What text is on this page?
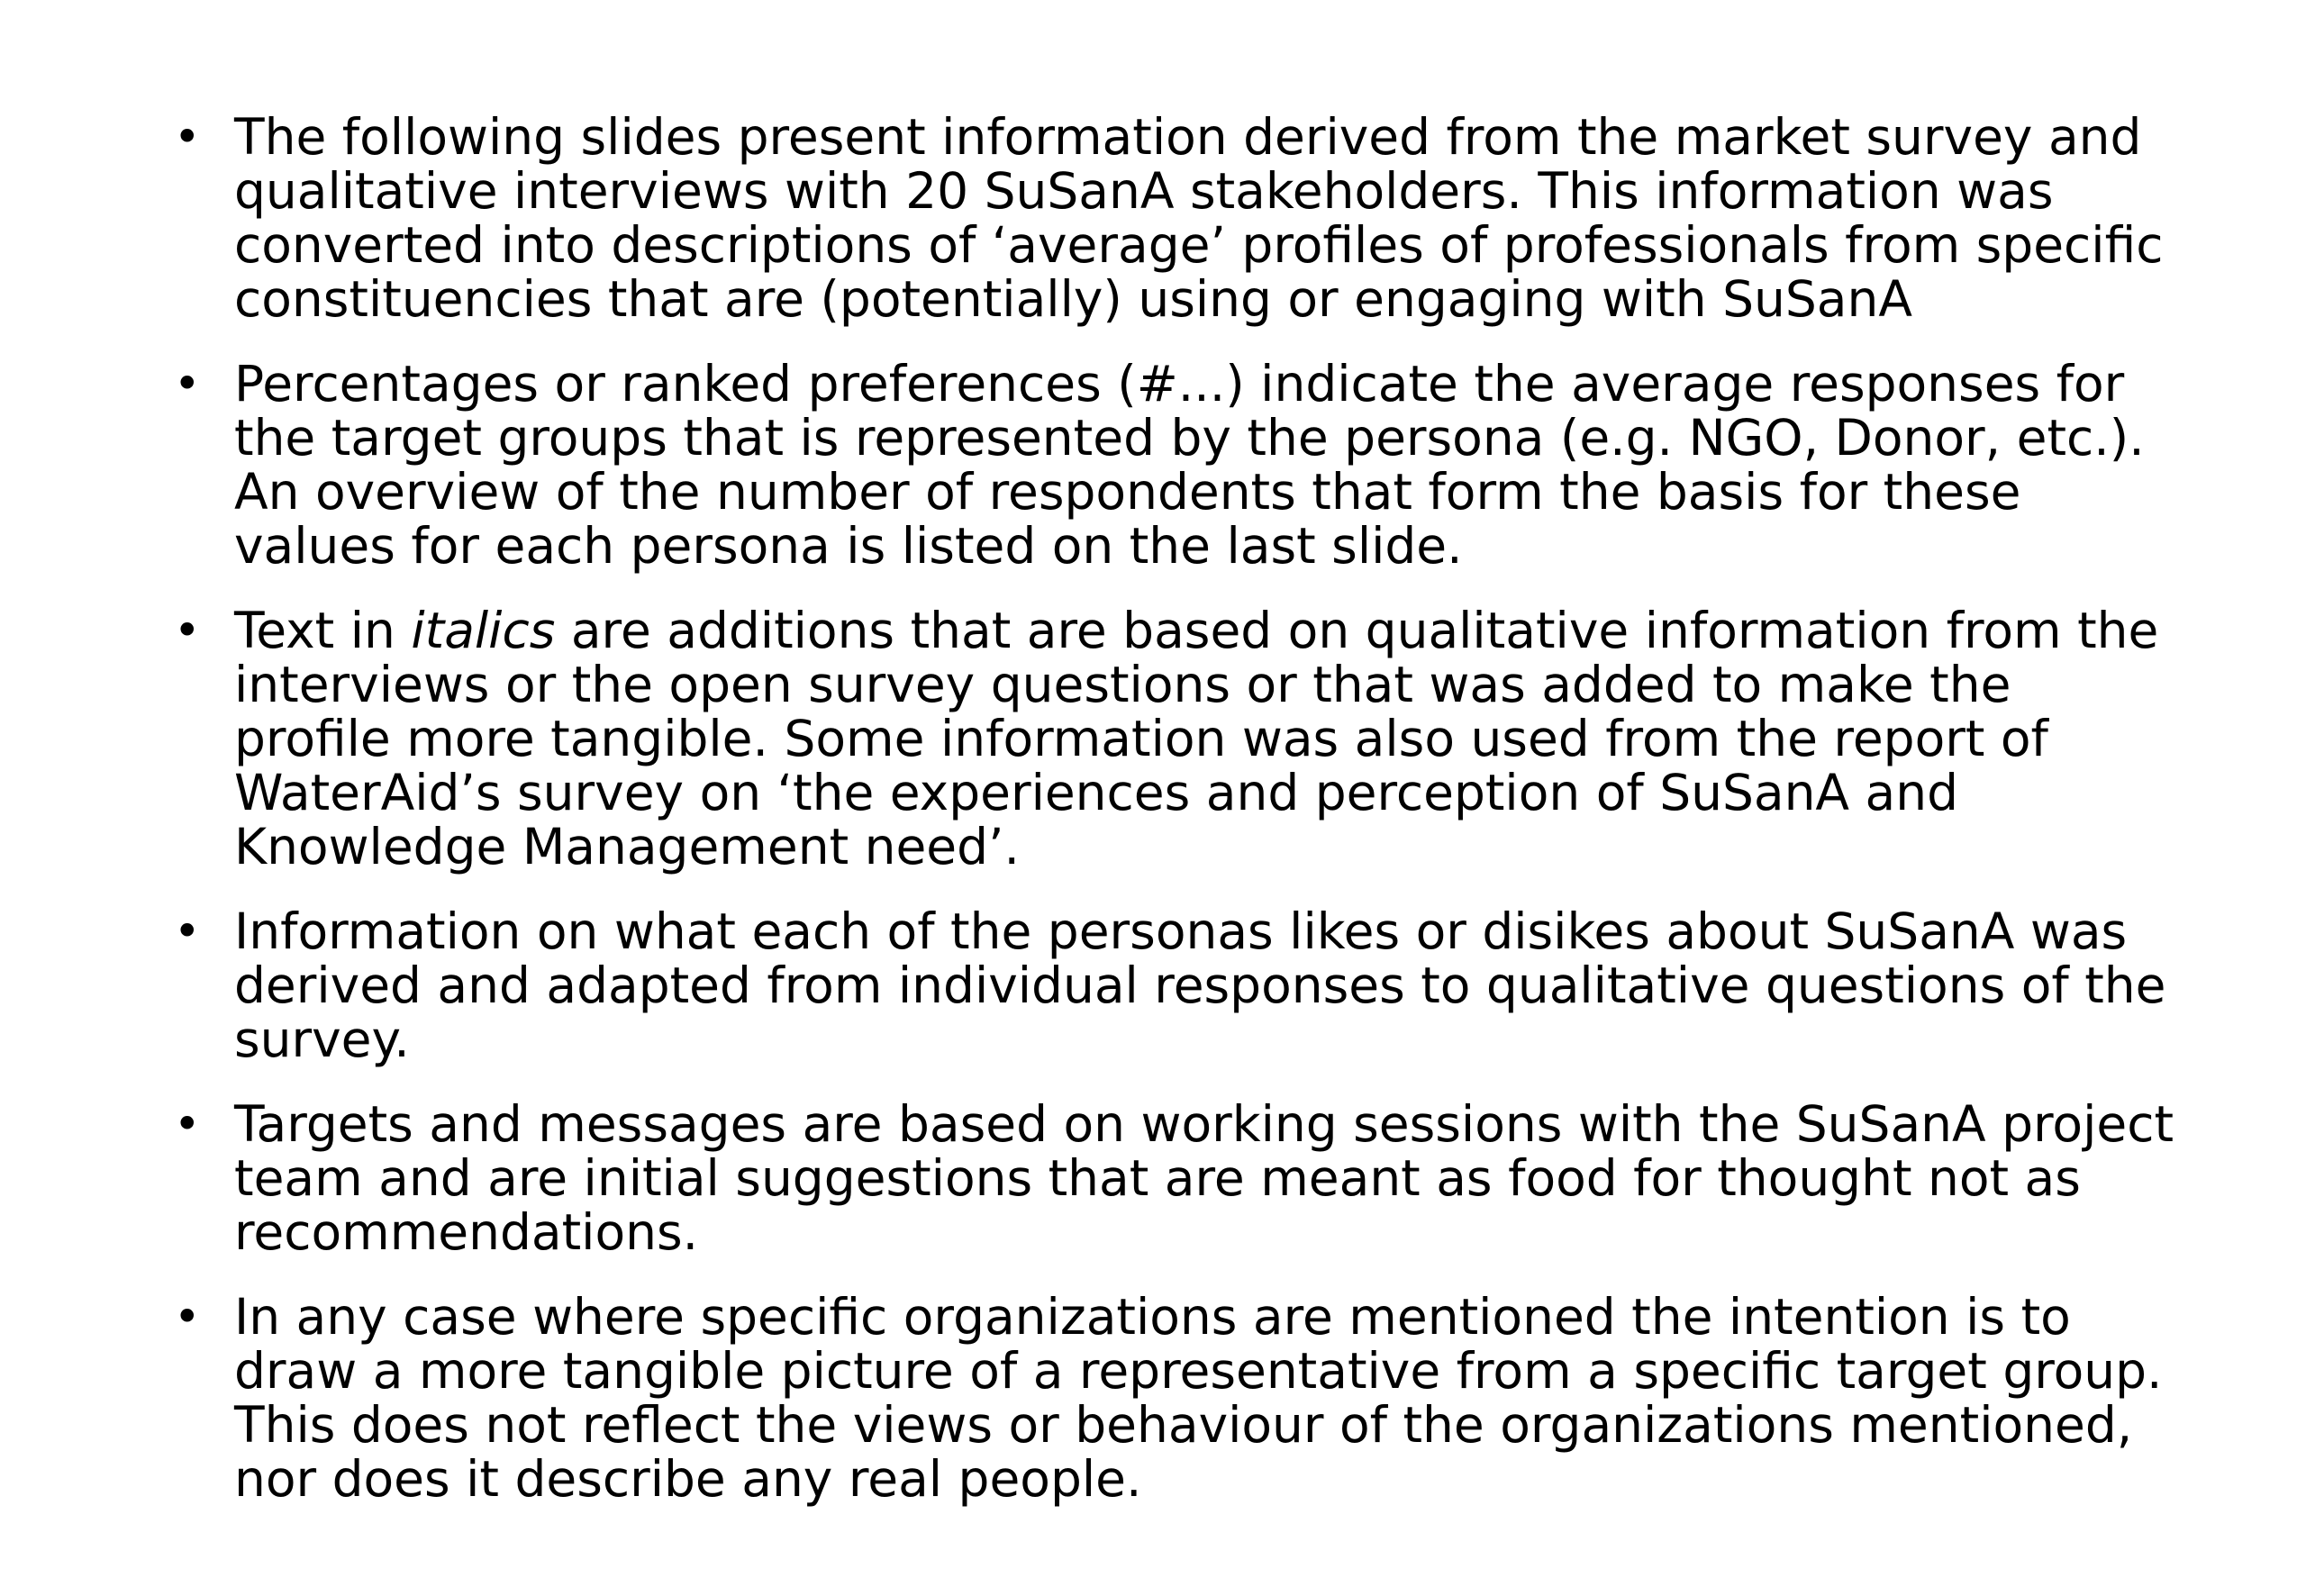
• The following slides present information derived from the market survey and qualitative interviews with 20 SuSanA stakeholders. This information was converted into descriptions of ‘average’ profiles of professionals from specific constituencies that are (potentially) using or engaging with SuSanA
• Percentages or ranked preferences (#...) indicate the average responses for the target groups that is represented by the persona (e.g. NGO, Donor, etc.). An overview of the number of respondents that form the basis for these values for each persona is listed on the last slide.
• Text in italics are additions that are based on qualitative information from the interviews or the open survey questions or that was added to make the profile more tangible. Some information was also used from the report of WaterAid’s survey on ‘the experiences and perception of SuSanA and Knowledge Management need’.
• Information on what each of the personas likes or disikes about SuSanA was derived and adapted from individual responses to qualitative questions of the survey.
• Targets and messages are based on working sessions with the SuSanA project team and are initial suggestions that are meant as food for thought not as recommendations.
• In any case where specific organizations are mentioned the intention is to draw a more tangible picture of a representative from a specific target group. This does not reflect the views or behaviour of the organizations mentioned, nor does it describe any real people.
